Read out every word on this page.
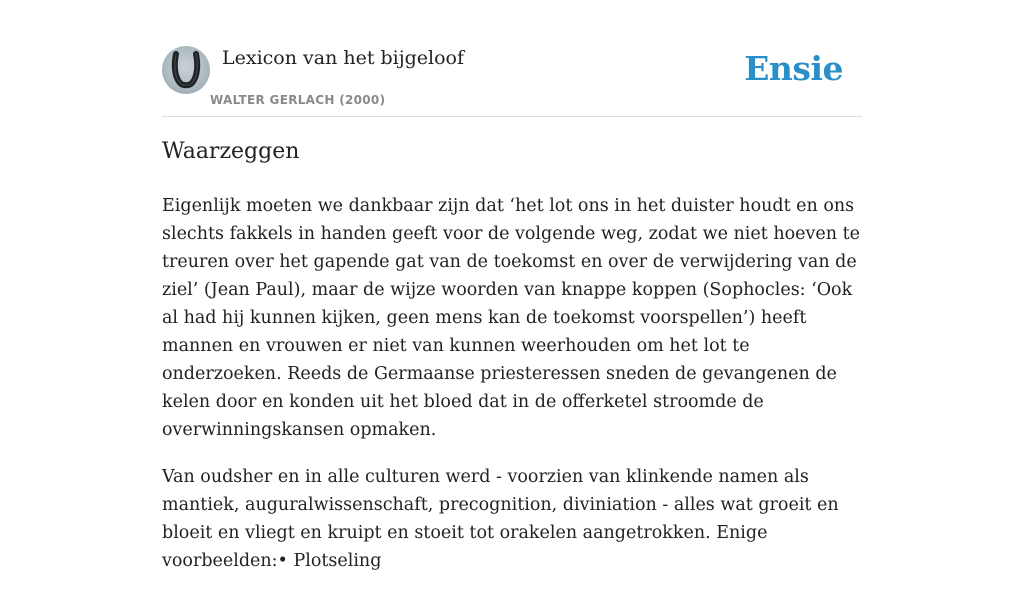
Lexicon van het bijgeloof
WALTER GERLACH (2000)
Ensie
Waarzeggen

Eigenlijk moeten we dankbaar zijn dat ‘het lot ons in het duister houdt en ons slechts fakkels in handen geeft voor de volgende weg, zodat we niet hoeven te treuren over het gapende gat van de toekomst en over de verwijdering van de ziel’ (Jean Paul), maar de wijze woorden van knappe koppen (Sophocles: ‘Ook al had hij kunnen kijken, geen mens kan de toekomst voorspellen’) heeft mannen en vrouwen er niet van kunnen weerhouden om het lot te onderzoeken. Reeds de Germaanse priesteressen sneden de gevangenen de kelen door en konden uit het bloed dat in de offerketel stroomde de overwinningskansen opmaken.

Van oudsher en in alle culturen werd - voorzien van klinkende namen als mantiek, auguralwissenschaft, precognition, diviniation - alles wat groeit en bloeit en vliegt en kruipt en stoeit tot orakelen aangetrokken. Enige voorbeelden:• Plotseling
